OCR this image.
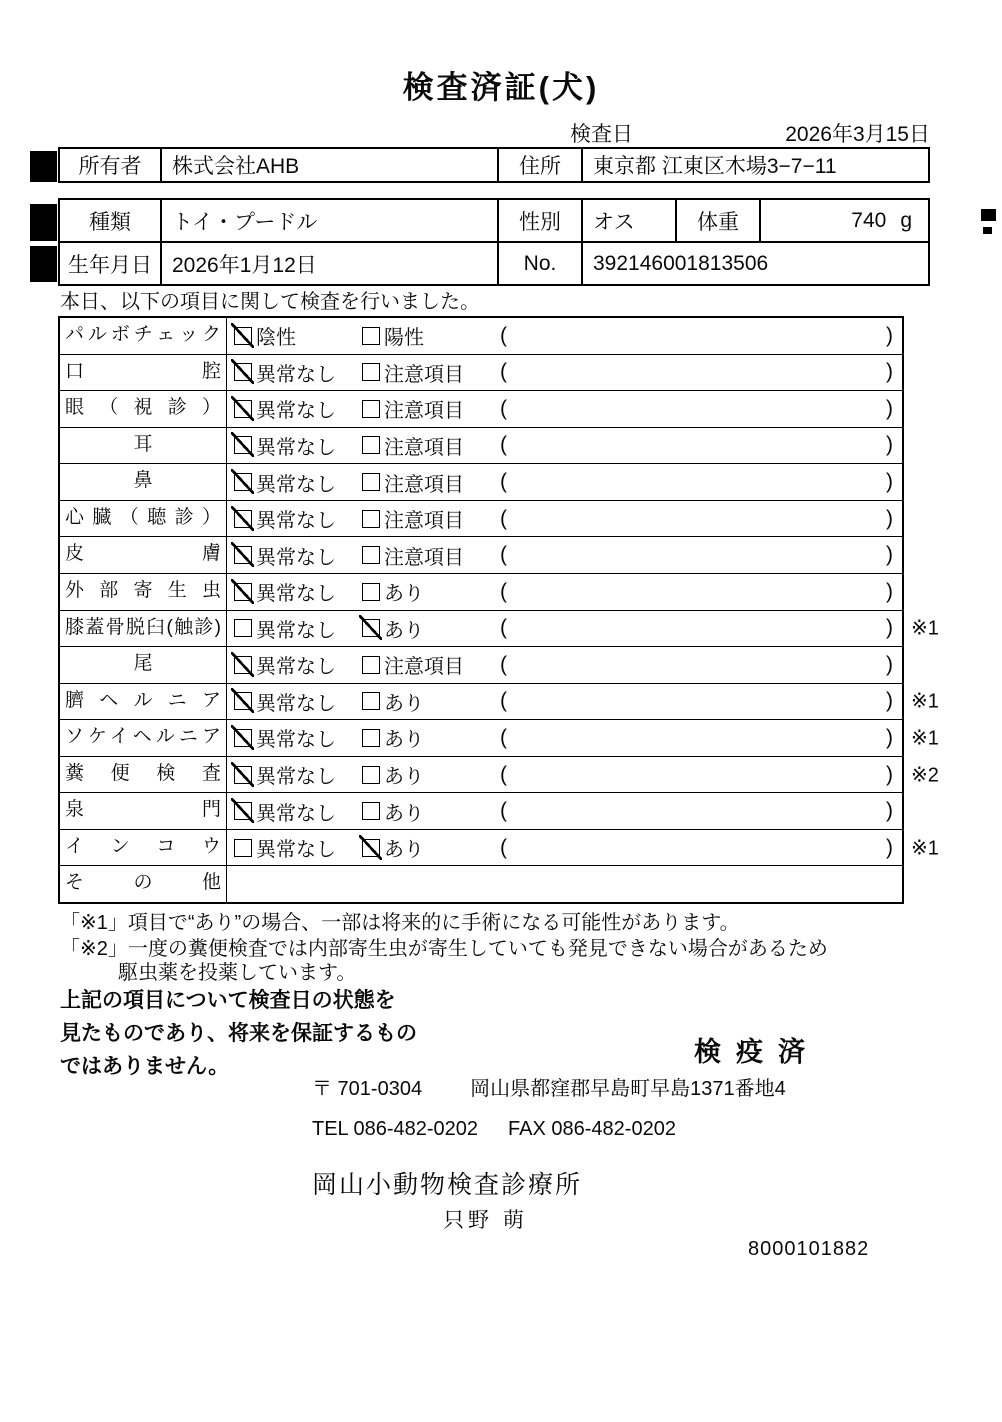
検査済証(犬)
検査日	2026年3月15日
所有者	株式会社AHB	住所	東京都 江東区木場3−7−11
種類	トイ・プードル	性別	オス	体重	740 g
生年月日 2026年1月12日	No.	392146001813506
本日、以下の項目に関して検査を行いました。
パルボチェック	陰性	陽性	(	)
口腔	異常なし 注意項目 (	)
眼（視診）	異常なし 注意項目 (	)
耳	異常なし 注意項目 (	)
鼻	異常なし 注意項目 (	)
心臓（聴診）	異常なし 注意項目 (	)
皮膚	異常なし 注意項目 (	)
外部寄生虫	異常なし あり	(	)
膝蓋骨脱臼(触診)	異常なし あり	(	) ※1
尾	異常なし 注意項目 (	)
臍ヘルニア	異常なし あり	(	) ※1
ソケイヘルニア	異常なし あり	(	) ※1
糞便検査	異常なし あり	(	) ※2
泉門	異常なし あり	(	)
インコウ	異常なし あり	(	) ※1
その他
「※1」項目で“あり”の場合、一部は将来的に手術になる可能性があります。
「※2」一度の糞便検査では内部寄生虫が寄生していても発見できない場合があるため
駆虫薬を投薬しています。
上記の項目について検査日の状態を
見たものであり、将来を保証するもの
ではありません。	検疫済
〒 701-0304 岡山県都窪郡早島町早島1371番地4
TEL 086-482-0202 FAX 086-482-0202
岡山小動物検査診療所
只野 萌
8000101882
